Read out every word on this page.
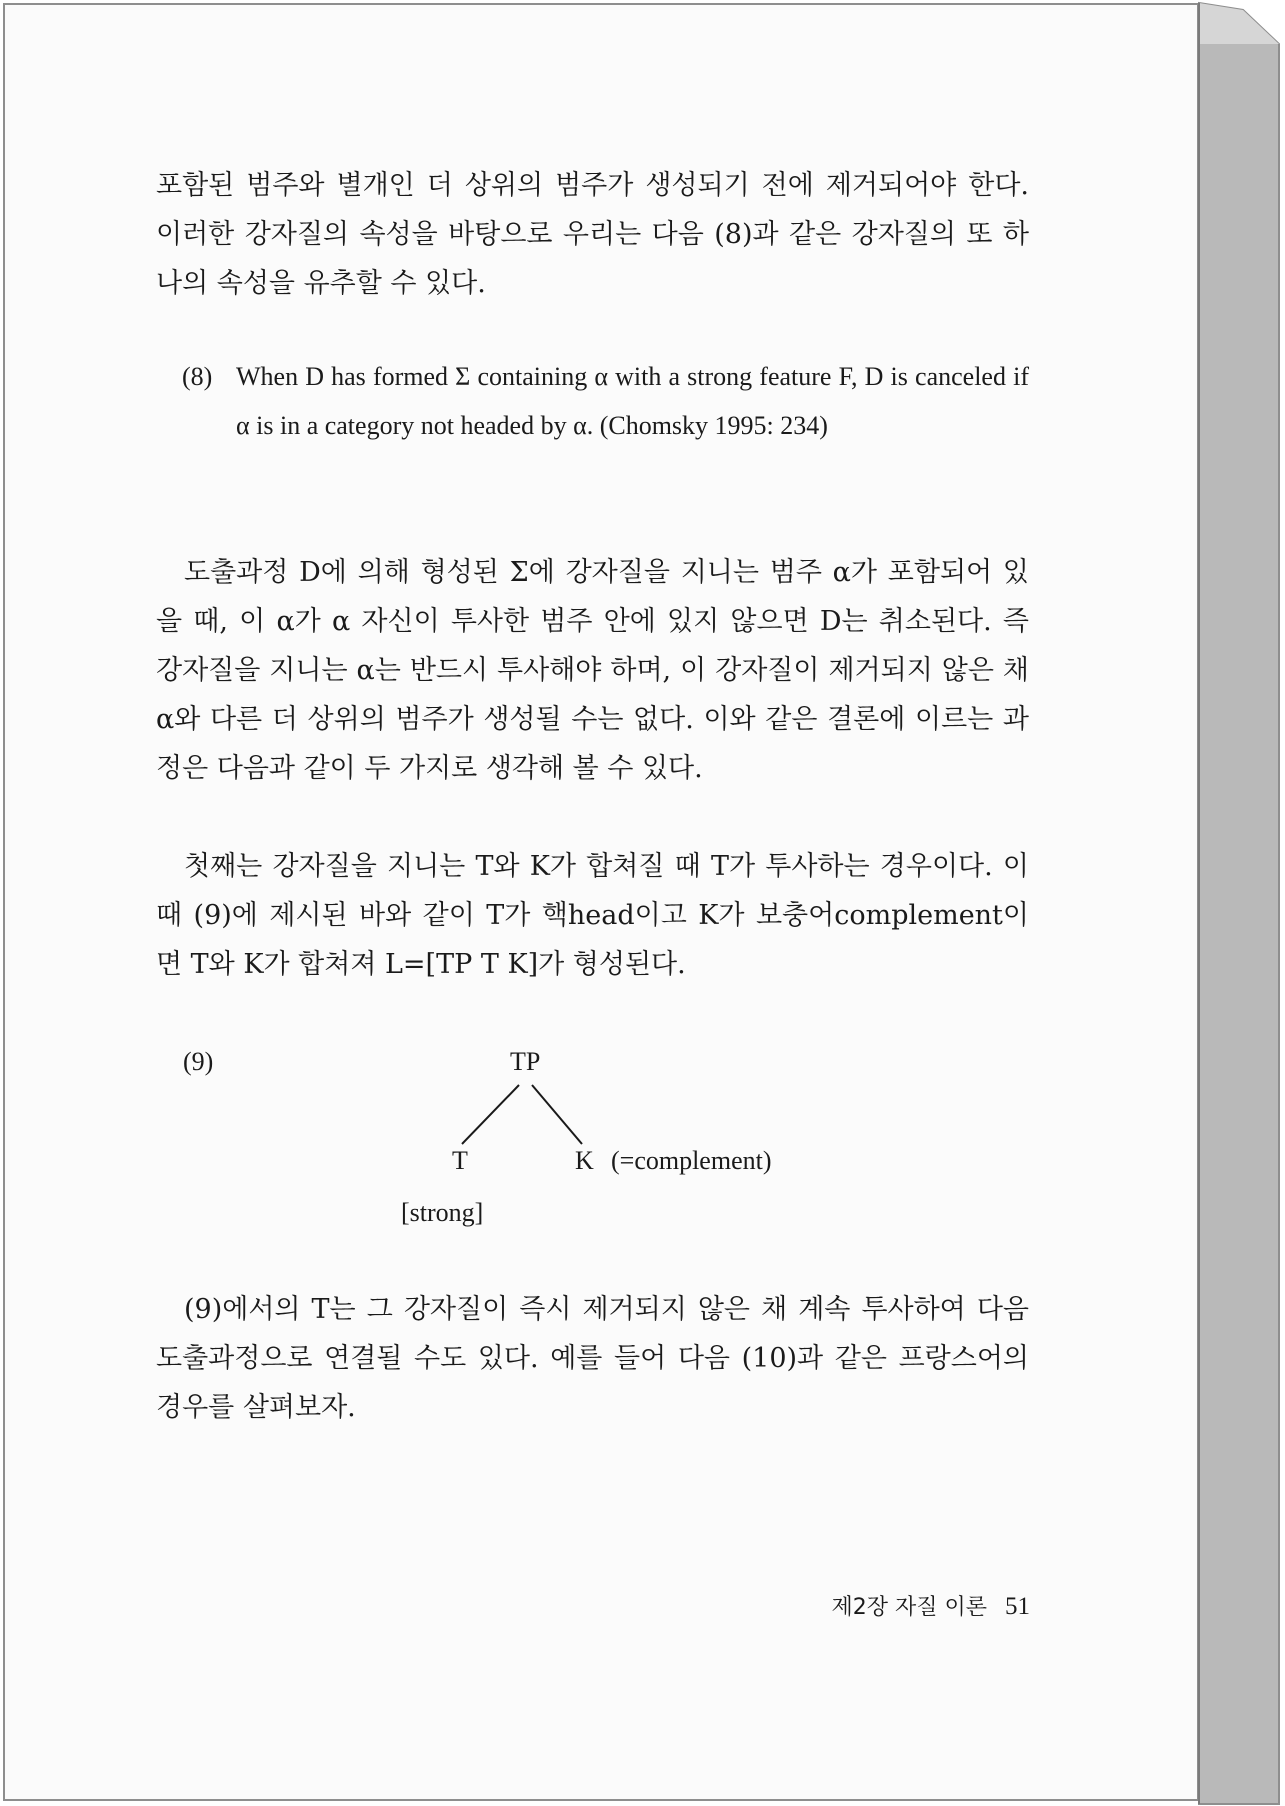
포함된 범주와 별개인 더 상위의 범주가 생성되기 전에 제거되어야 한다. 이러한 강자질의 속성을 바탕으로 우리는 다음 (8)과 같은 강자질의 또 하나의 속성을 유추할 수 있다.

(8) When D has formed Σ containing α with a strong feature F, D is canceled if α is in a category not headed by α. (Chomsky 1995: 234)

도출과정 D에 의해 형성된 Σ에 강자질을 지니는 범주 α가 포함되어 있을 때, 이 α가 α 자신이 투사한 범주 안에 있지 않으면 D는 취소된다. 즉 강자질을 지니는 α는 반드시 투사해야 하며, 이 강자질이 제거되지 않은 채 α와 다른 더 상위의 범주가 생성될 수는 없다. 이와 같은 결론에 이르는 과정은 다음과 같이 두 가지로 생각해 볼 수 있다.

첫째는 강자질을 지니는 T와 K가 합쳐질 때 T가 투사하는 경우이다. 이 때 (9)에 제시된 바와 같이 T가 핵head이고 K가 보충어complement이면 T와 K가 합쳐져 L=[TP T K]가 형성된다.

(9)	TP
T	K (=complement)
[strong]

(9)에서의 T는 그 강자질이 즉시 제거되지 않은 채 계속 투사하여 다음 도출과정으로 연결될 수도 있다. 예를 들어 다음 (10)과 같은 프랑스어의 경우를 살펴보자.

제2장 자질 이론 51
